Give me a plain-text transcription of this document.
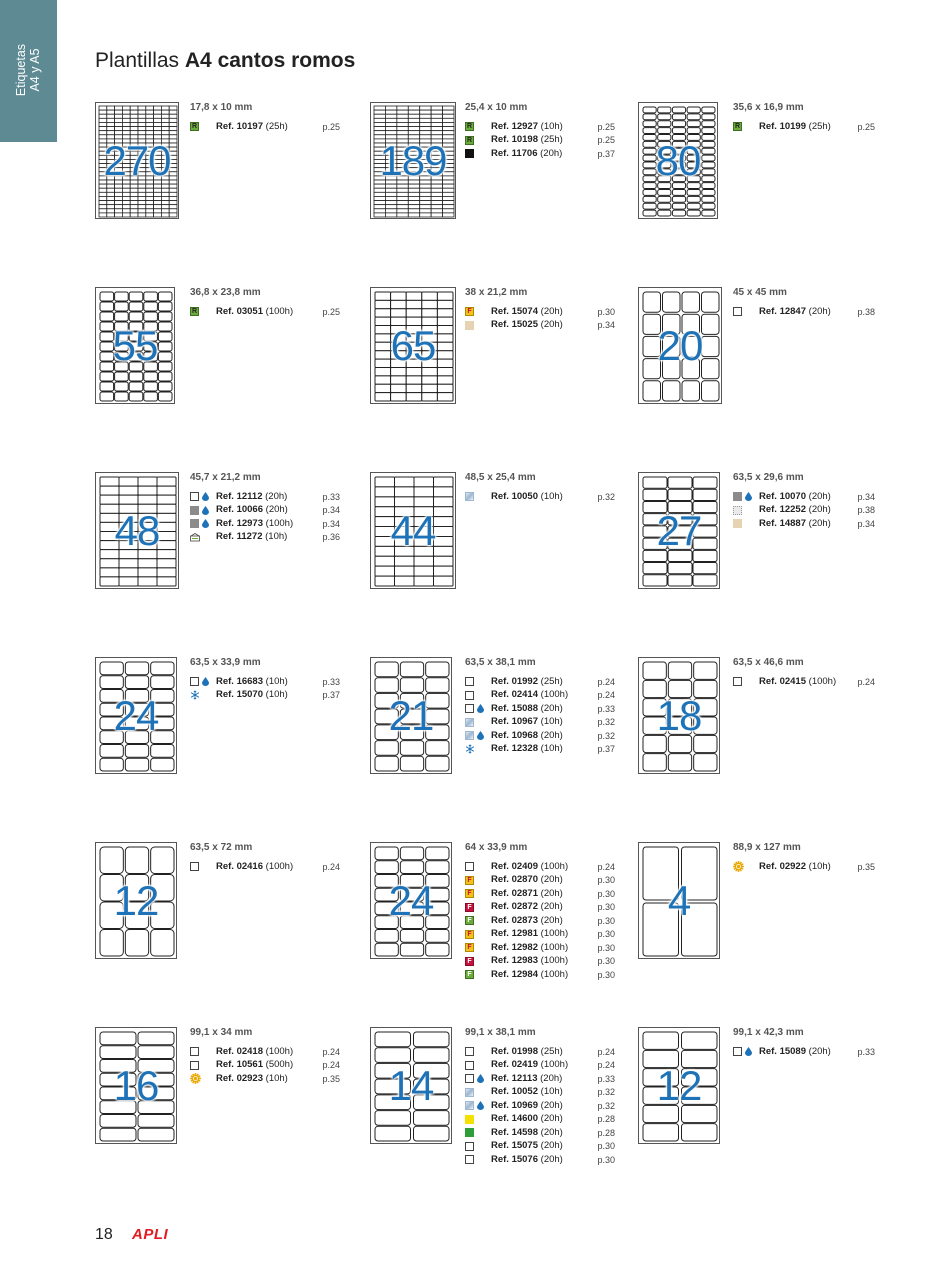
Etiquetas A4 y A5	Plantillas A4 cantos romos
270
17,8 x 10 mm
R Ref. 10197 (25h)	p.25
189
25,4 x 10 mm
R Ref. 12927 (10h)	p.25
R Ref. 10198 (25h)	p.25
Ref. 11706 (20h)	p.37 80
35,6 x 16,9 mm
R Ref. 10199 (25h)	p.25
55
36,8 x 23,8 mm
R Ref. 03051 (100h)	p.25
65
38 x 21,2 mm
F Ref. 15074 (20h)	p.30
Ref. 15025 (20h)	p.34	20
45 x 45 mm
Ref. 12847 (20h)	p.38
48
45,7 x 21,2 mm
Ref. 12112 (20h)	p.33
Ref. 10066 (20h)	p.34
Ref. 12973 (100h)	p.34
Ref. 11272 (10h)	p.36	44
48,5 x 25,4 mm
Ref. 10050 (10h)	p.32
27
63,5 x 29,6 mm
Ref. 10070 (20h)	p.34
Ref. 12252 (20h)	p.38
Ref. 14887 (20h)	p.34
24
63,5 x 33,9 mm
Ref. 16683 (10h)	p.33
Ref. 15070 (10h)	p.37	21
63,5 x 38,1 mm
Ref. 01992 (25h)	p.24
Ref. 02414 (100h)	p.24
Ref. 15088 (20h)	p.33
Ref. 10967 (10h)	p.32
Ref. 10968 (20h)	p.32
Ref. 12328 (10h)	p.37
18
63,5 x 46,6 mm
Ref. 02415 (100h)	p.24
12
63,5 x 72 mm
Ref. 02416 (100h)	p.24
24
64 x 33,9 mm
Ref. 02409 (100h)	p.24
F Ref. 02870 (20h)	p.30
F Ref. 02871 (20h)	p.30
F Ref. 02872 (20h)	p.30
F Ref. 02873 (20h)	p.30
F Ref. 12981 (100h)	p.30
F Ref. 12982 (100h)	p.30
F Ref. 12983 (100h)	p.30
F Ref. 12984 (100h)	p.30
4
88,9 x 127 mm
Ref. 02922 (10h)	p.35
16
99,1 x 34 mm
Ref. 02418 (100h)	p.24
Ref. 10561 (500h)	p.24
Ref. 02923 (10h)	p.35	14
99,1 x 38,1 mm
Ref. 01998 (25h)	p.24
Ref. 02419 (100h)	p.24
Ref. 12113 (20h)	p.33
Ref. 10052 (10h)	p.32
Ref. 10969 (20h)	p.32
Ref. 14600 (20h)	p.28
Ref. 14598 (20h)	p.28
Ref. 15075 (20h)	p.30
Ref. 15076 (20h)	p.30
12
99,1 x 42,3 mm
Ref. 15089 (20h)	p.33
18 APLI
